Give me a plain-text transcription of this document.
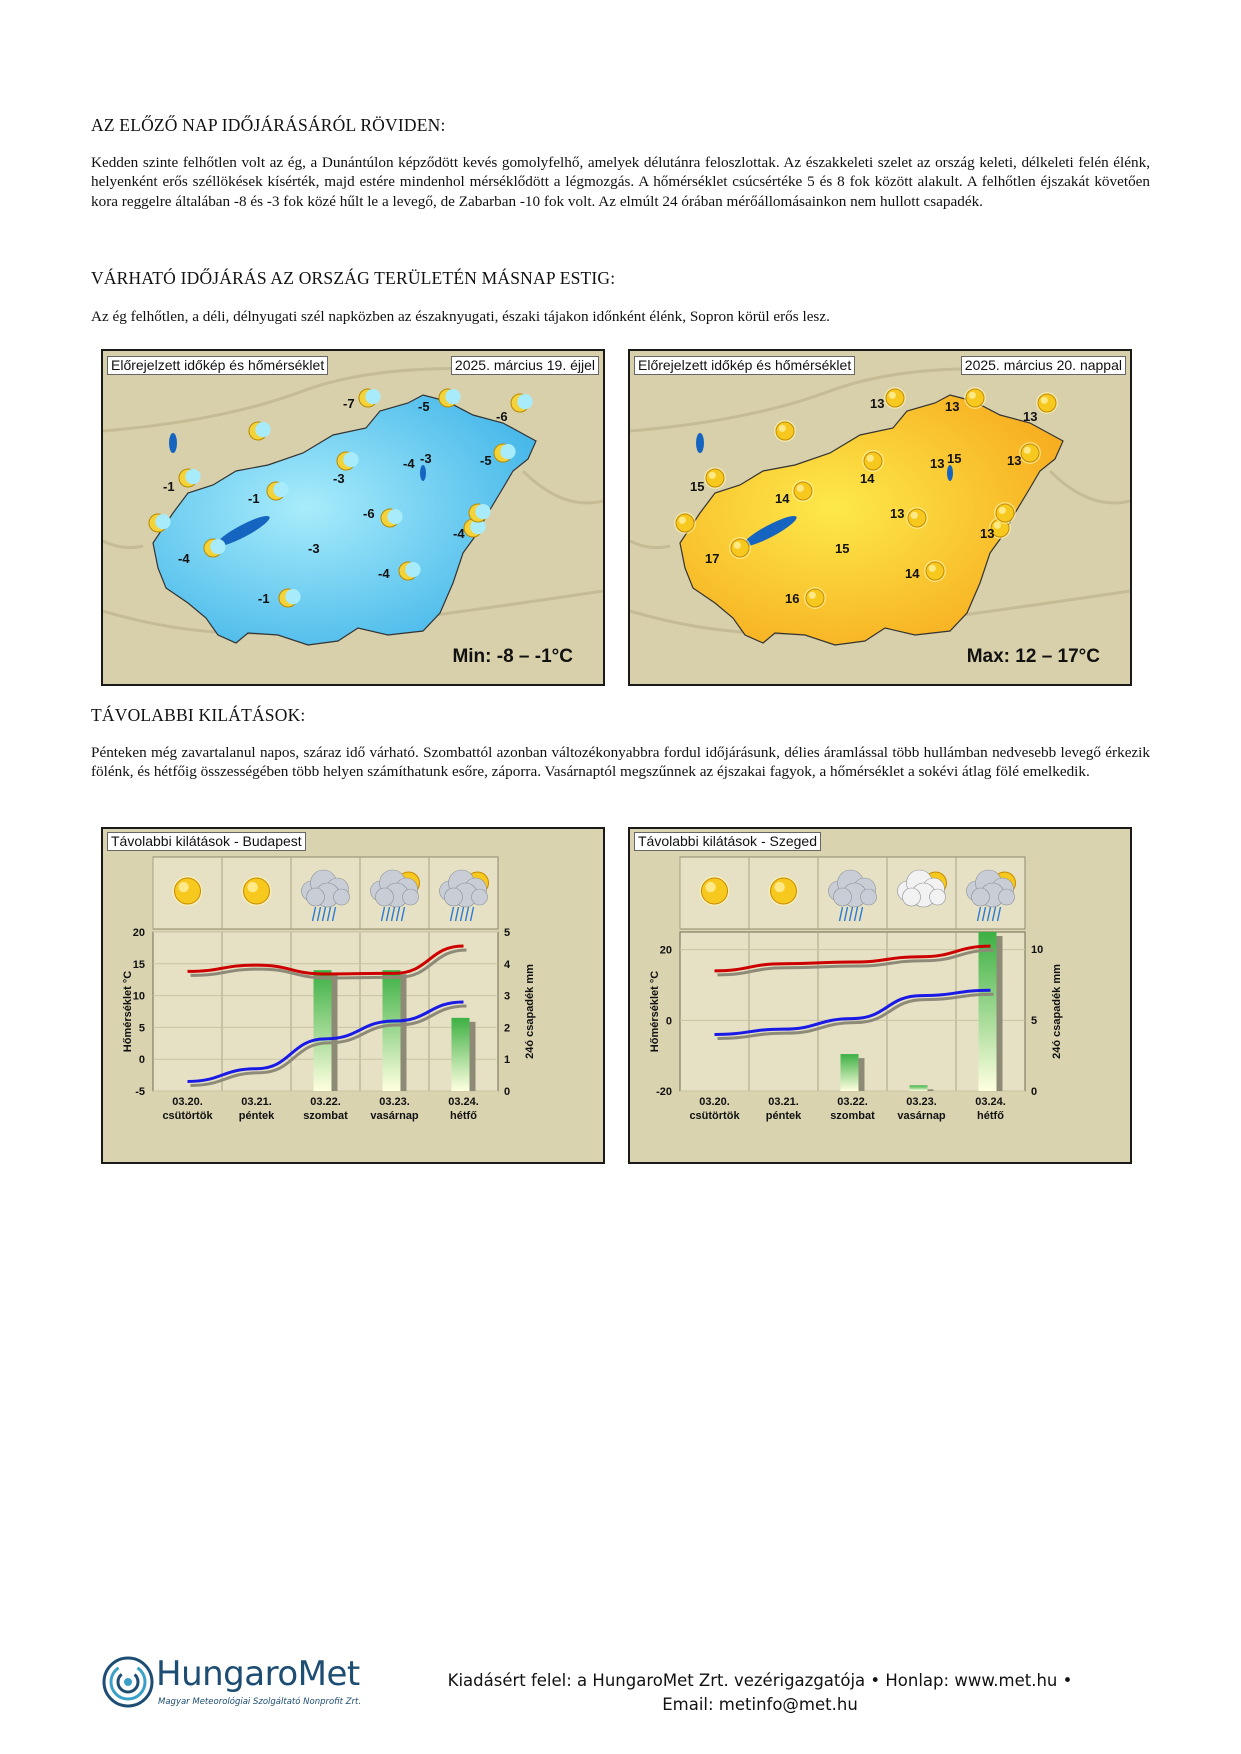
AZ ELŐZŐ NAP IDŐJÁRÁSÁRÓL RÖVIDEN:

Kedden szinte felhőtlen volt az ég, a Dunántúlon képződött kevés gomolyfelhő, amelyek délutánra feloszlottak. Az északkeleti szelet az ország keleti, délkeleti felén élénk, helyenként erős széllökések kísérték, majd estére mindenhol mérséklődött a légmozgás. A hőmérséklet csúcsértéke 5 és 8 fok között alakult. A felhőtlen éjszakát követően kora reggelre általában -8 és -3 fok közé hűlt le a levegő, de Zabarban -10 fok volt. Az elmúlt 24 órában mérőállomásainkon nem hullott csapadék.

VÁRHATÓ IDŐJÁRÁS AZ ORSZÁG TERÜLETÉN MÁSNAP ESTIG:

Az ég felhőtlen, a déli, délnyugati szél napközben az északnyugati, északi tájakon időnként élénk, Sopron körül erős lesz.

-7	-5
-6
-3
-3
-4	-5
-1
-1
-6
-3
-4
-4
-4
-1
Előrejelzett időkép és hőmérséklet	2025. március 19. éjjel
Min: -8 – -1°C
13	13
13
15
14
13	13
15
14
13
15
13
17
14
16
Előrejelzett időkép és hőmérséklet	2025. március 20. nappal
Max: 12 – 17°C
TÁVOLABBI KILÁTÁSOK:

Pénteken még zavartalanul napos, száraz idő várható. Szombattól azonban változékonyabbra fordul időjárásunk, délies áramlással több hullámban nedvesebb levegő érkezik fölénk, és hétfőig összességében több helyen számíthatunk esőre, záporra. Vasárnaptól megszűnnek az éjszakai fagyok, a hőmérséklet a sokévi átlag fölé emelkedik.

-5
0
5
10
15
20
0
1
2
3
4
5
Hőmérséklet °C	24ó csapadék mm
03.20.
csütörtök
03.21.
péntek
03.22.
szombat
03.23.
vasárnap
03.24.
hétfő
Távolabbi kilátások - Budapest
-20
0
20
0
5
10
Hőmérséklet °C	24ó csapadék mm
03.20.
csütörtök
03.21.
péntek
03.22.
szombat
03.23.
vasárnap
03.24.
hétfő
Távolabbi kilátások - Szeged
HungaroMet
Magyar Meteorológiai Szolgáltató Nonprofit Zrt.
Kiadásért felel: a HungaroMet Zrt. vezérigazgatója • Honlap: www.met.hu •
Email: metinfo@met.hu
